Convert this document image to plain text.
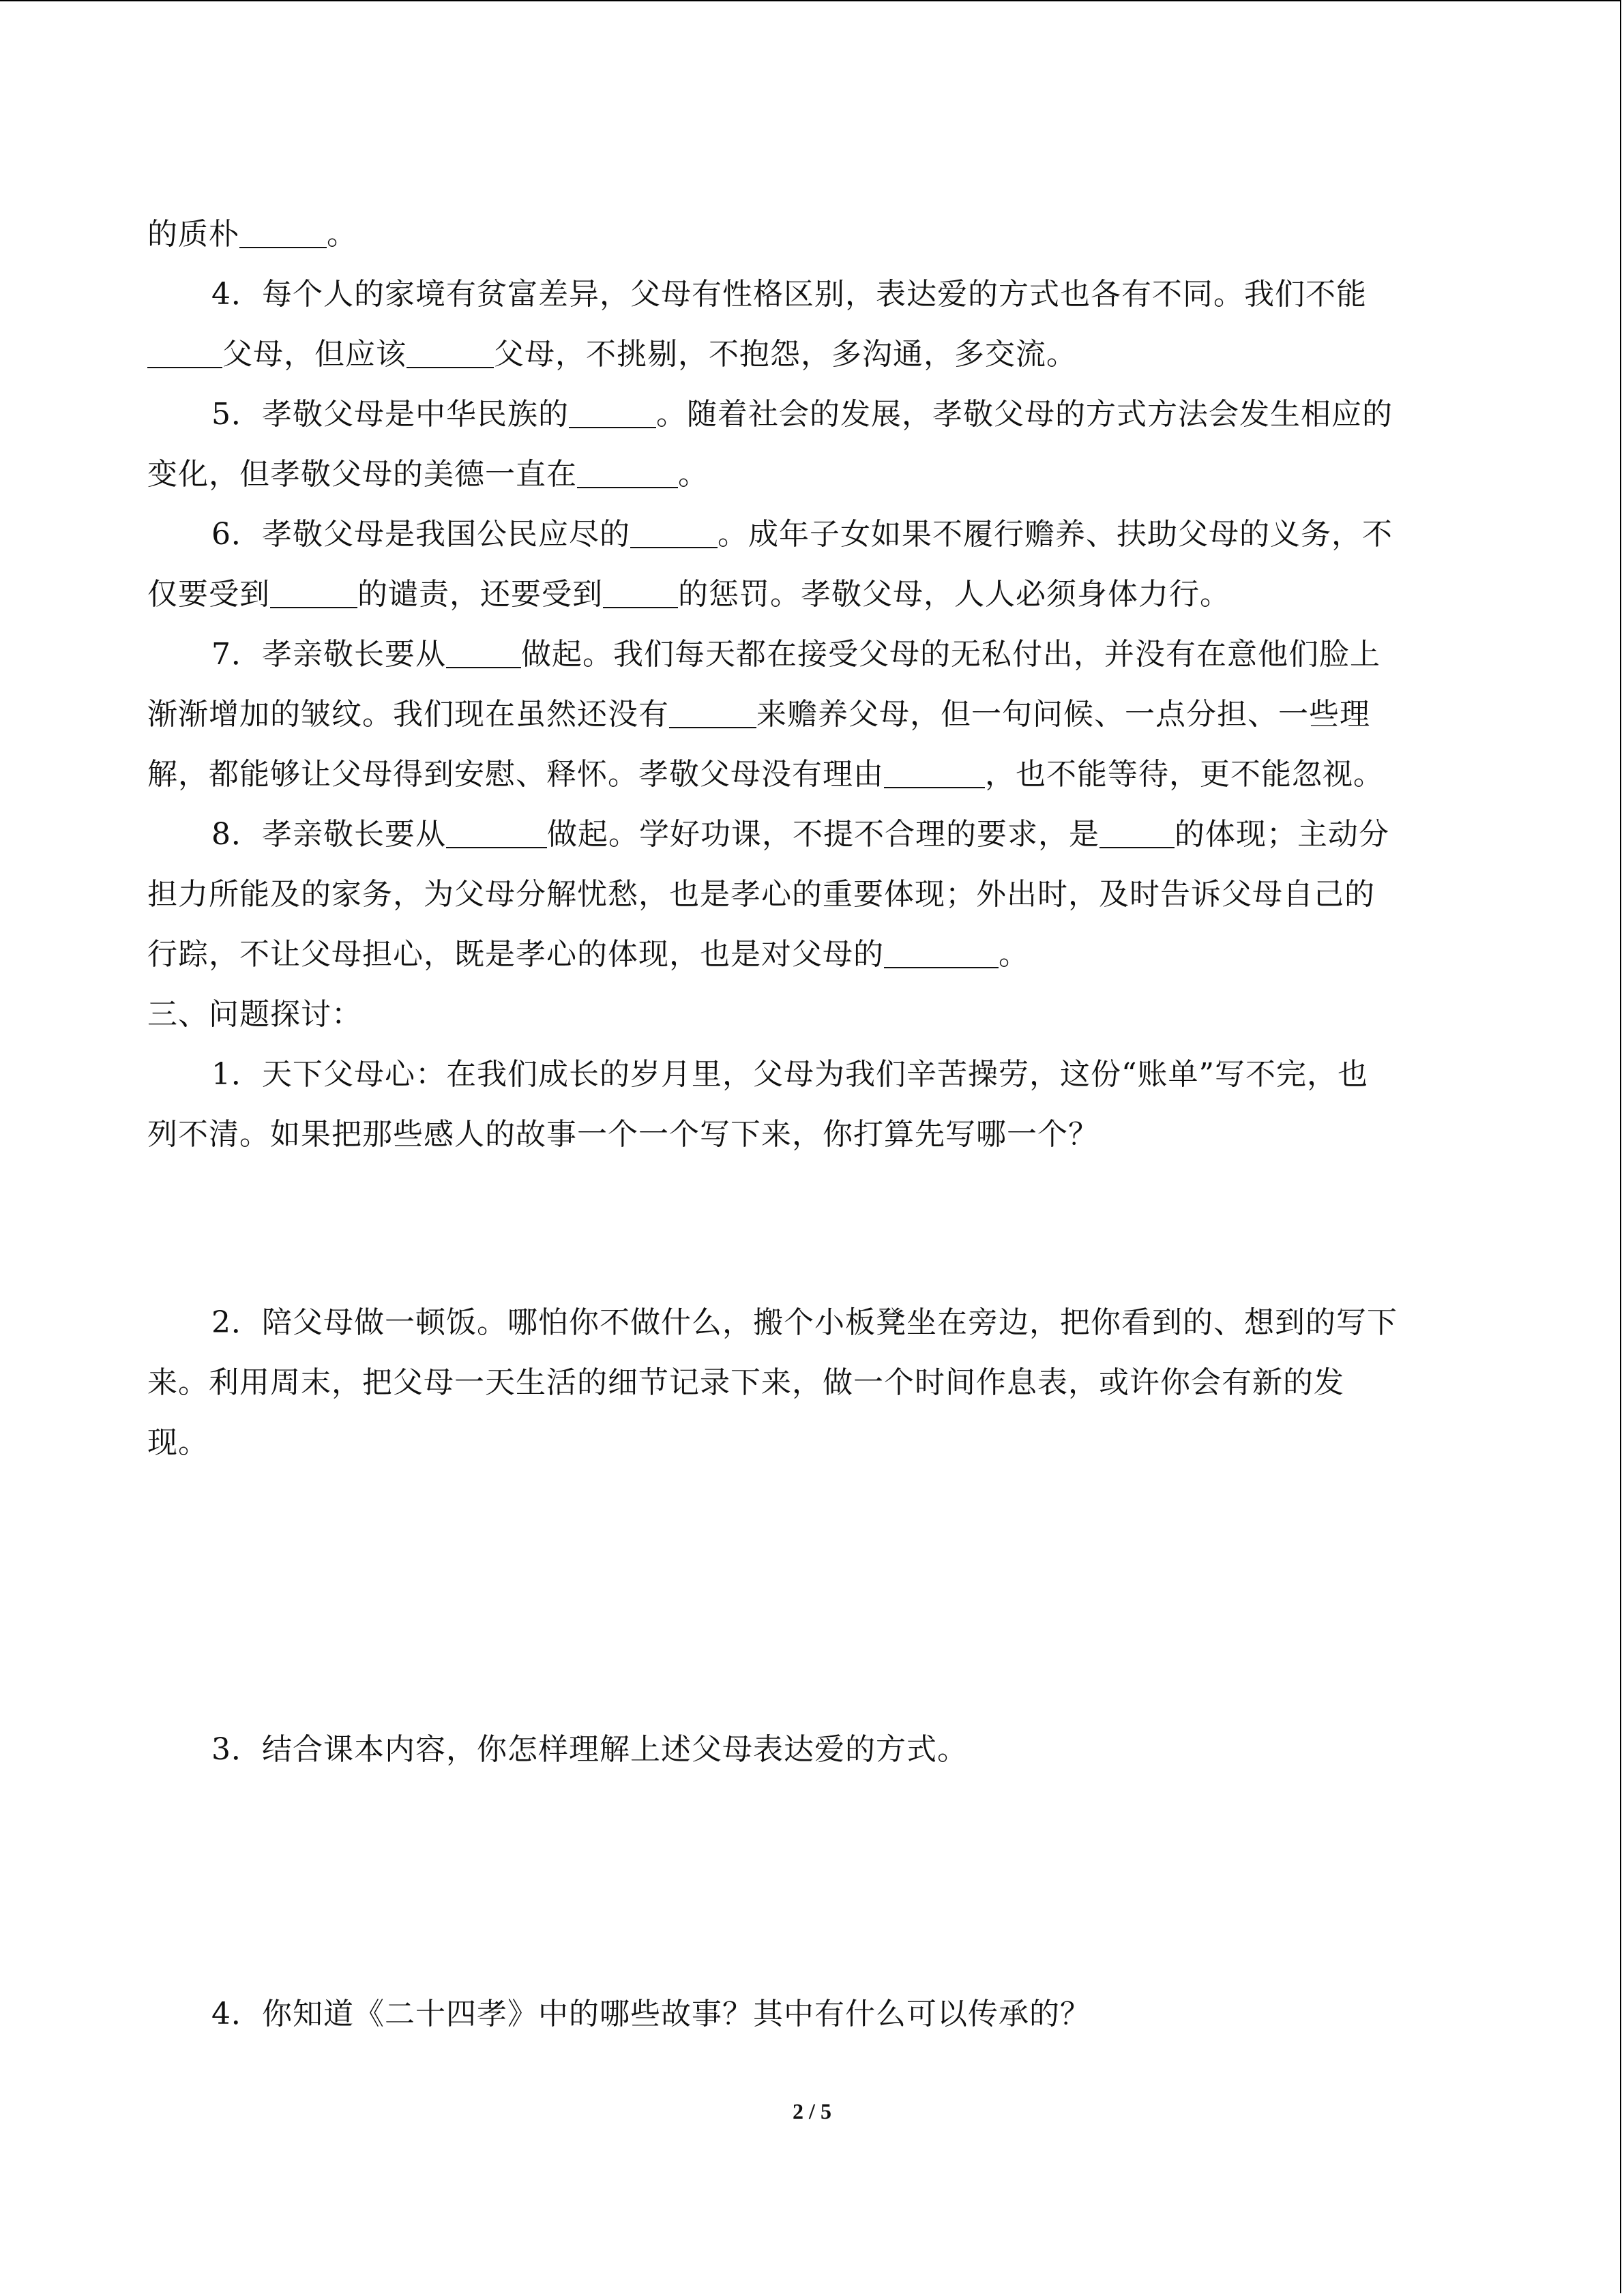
的质朴	。

4．每个人的家境有贫富差异，父母有性格区别，表达爱的方式也各有不同。我们不能

父母，但应该	父母，不挑剔，不抱怨，多沟通，多交流。

5．孝敬父母是中华民族的	。随着社会的发展，孝敬父母的方式方法会发生相应的

变化，但孝敬父母的美德一直在	。

6．孝敬父母是我国公民应尽的	。成年子女如果不履行赡养、扶助父母的义务，不

仅要受到	的谴责，还要受到	的惩罚。孝敬父母，人人必须身体力行。

7．孝亲敬长要从	做起。我们每天都在接受父母的无私付出，并没有在意他们脸上

渐渐增加的皱纹。我们现在虽然还没有	来赡养父母，但一句问候、一点分担、一些理

解，都能够让父母得到安慰、释怀。孝敬父母没有理由	，也不能等待，更不能忽视。

8．孝亲敬长要从	做起。学好功课，不提不合理的要求，是	的体现；主动分

担力所能及的家务，为父母分解忧愁，也是孝心的重要体现；外出时，及时告诉父母自己的

行踪，不让父母担心，既是孝心的体现，也是对父母的	。

三、问题探讨：

1．天下父母心：在我们成长的岁月里，父母为我们辛苦操劳，这份“账单”写不完，也

列不清。如果把那些感人的故事一个一个写下来，你打算先写哪一个？

2．陪父母做一顿饭。哪怕你不做什么，搬个小板凳坐在旁边，把你看到的、想到的写下

来。利用周末，把父母一天生活的细节记录下来，做一个时间作息表，或许你会有新的发

现。

3．结合课本内容，你怎样理解上述父母表达爱的方式。

4．你知道《二十四孝》中的哪些故事？其中有什么可以传承的？

2 / 5
